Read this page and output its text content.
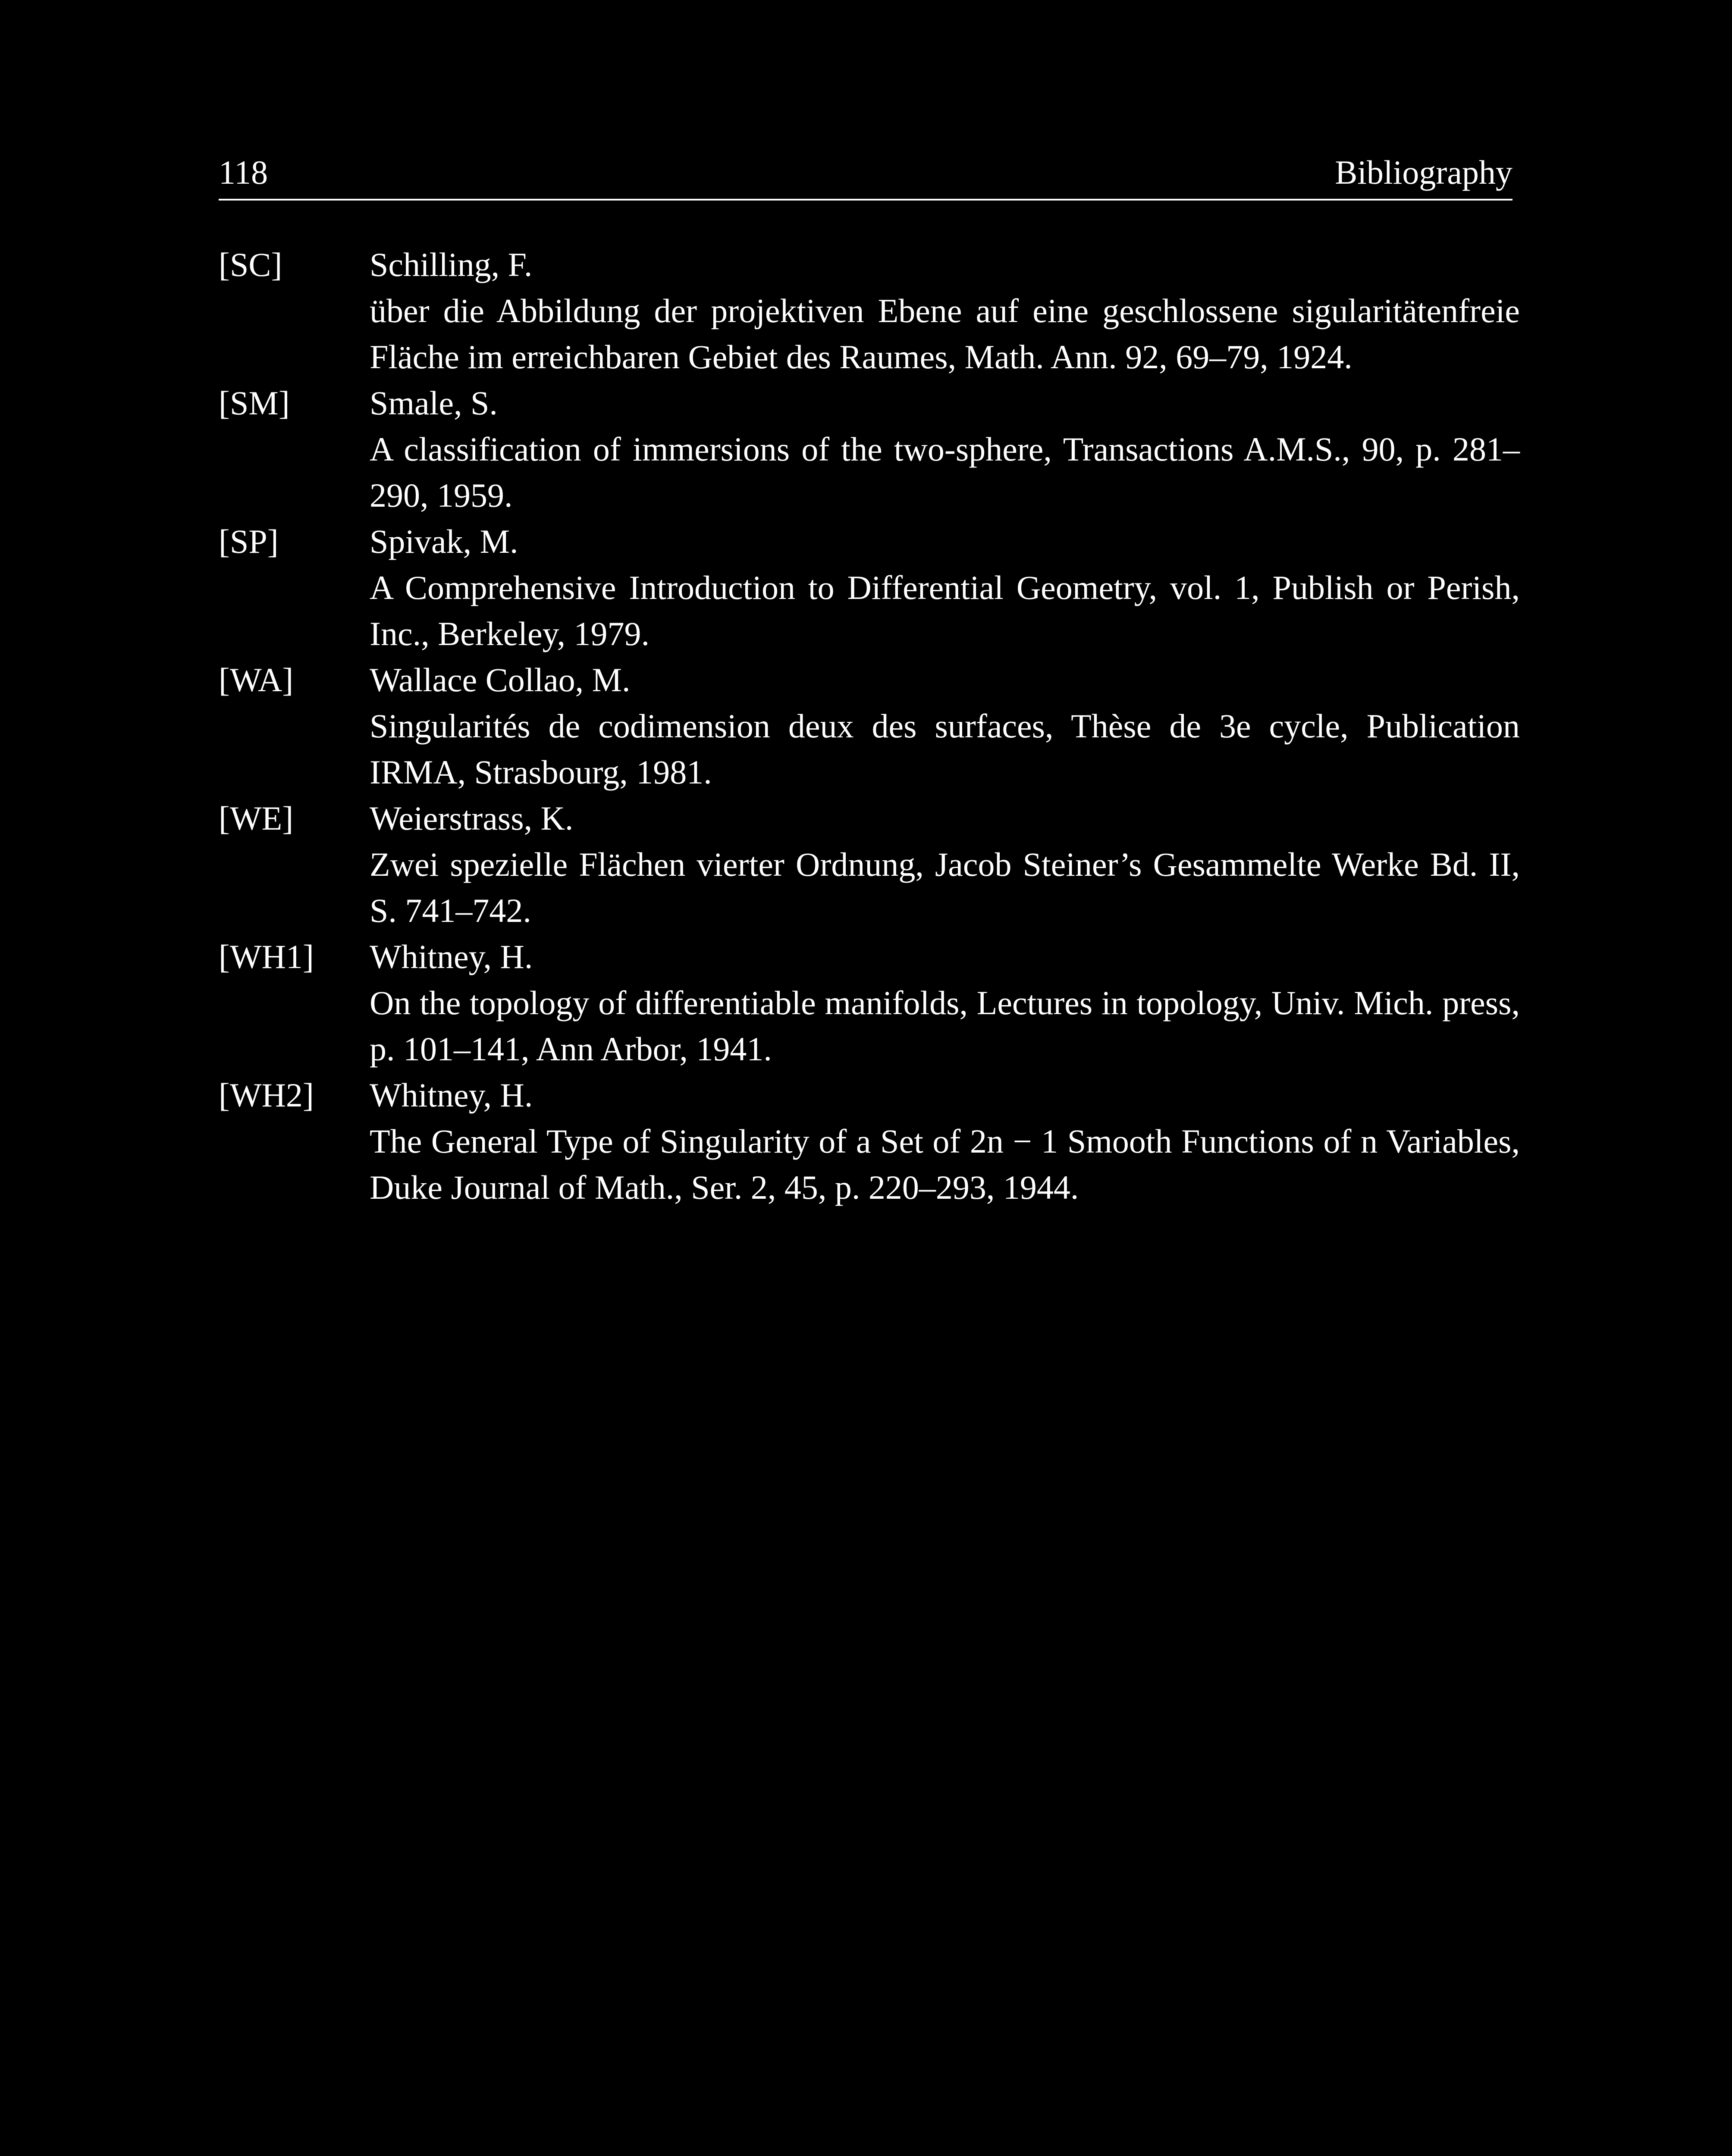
118	Bibliography
[SC]	Schilling, F.
über die Abbildung der projektiven Ebene auf eine geschlossene sigularitätenfreie Fläche im erreichbaren Gebiet des Raumes, Math. Ann. 92, 69–79, 1924.
[SM]	Smale, S.
A classification of immersions of the two-sphere, Transactions A.M.S., 90, p. 281–290, 1959.
[SP]	Spivak, M.
A Comprehensive Introduction to Differential Geometry, vol. 1, Publish or Perish, Inc., Berkeley, 1979.
[WA]	Wallace Collao, M.
Singularités de codimension deux des surfaces, Thèse de 3e cycle, Publication IRMA, Strasbourg, 1981.
[WE]	Weierstrass, K.
Zwei spezielle Flächen vierter Ordnung, Jacob Steiner’s Gesammelte Werke Bd. II, S. 741–742.
[WH1]	Whitney, H.
On the topology of differentiable manifolds, Lectures in topology, Univ. Mich. press, p. 101–141, Ann Arbor, 1941.
[WH2]	Whitney, H.
The General Type of Singularity of a Set of 2n − 1 Smooth Functions of n Variables, Duke Journal of Math., Ser. 2, 45, p. 220–293, 1944.
